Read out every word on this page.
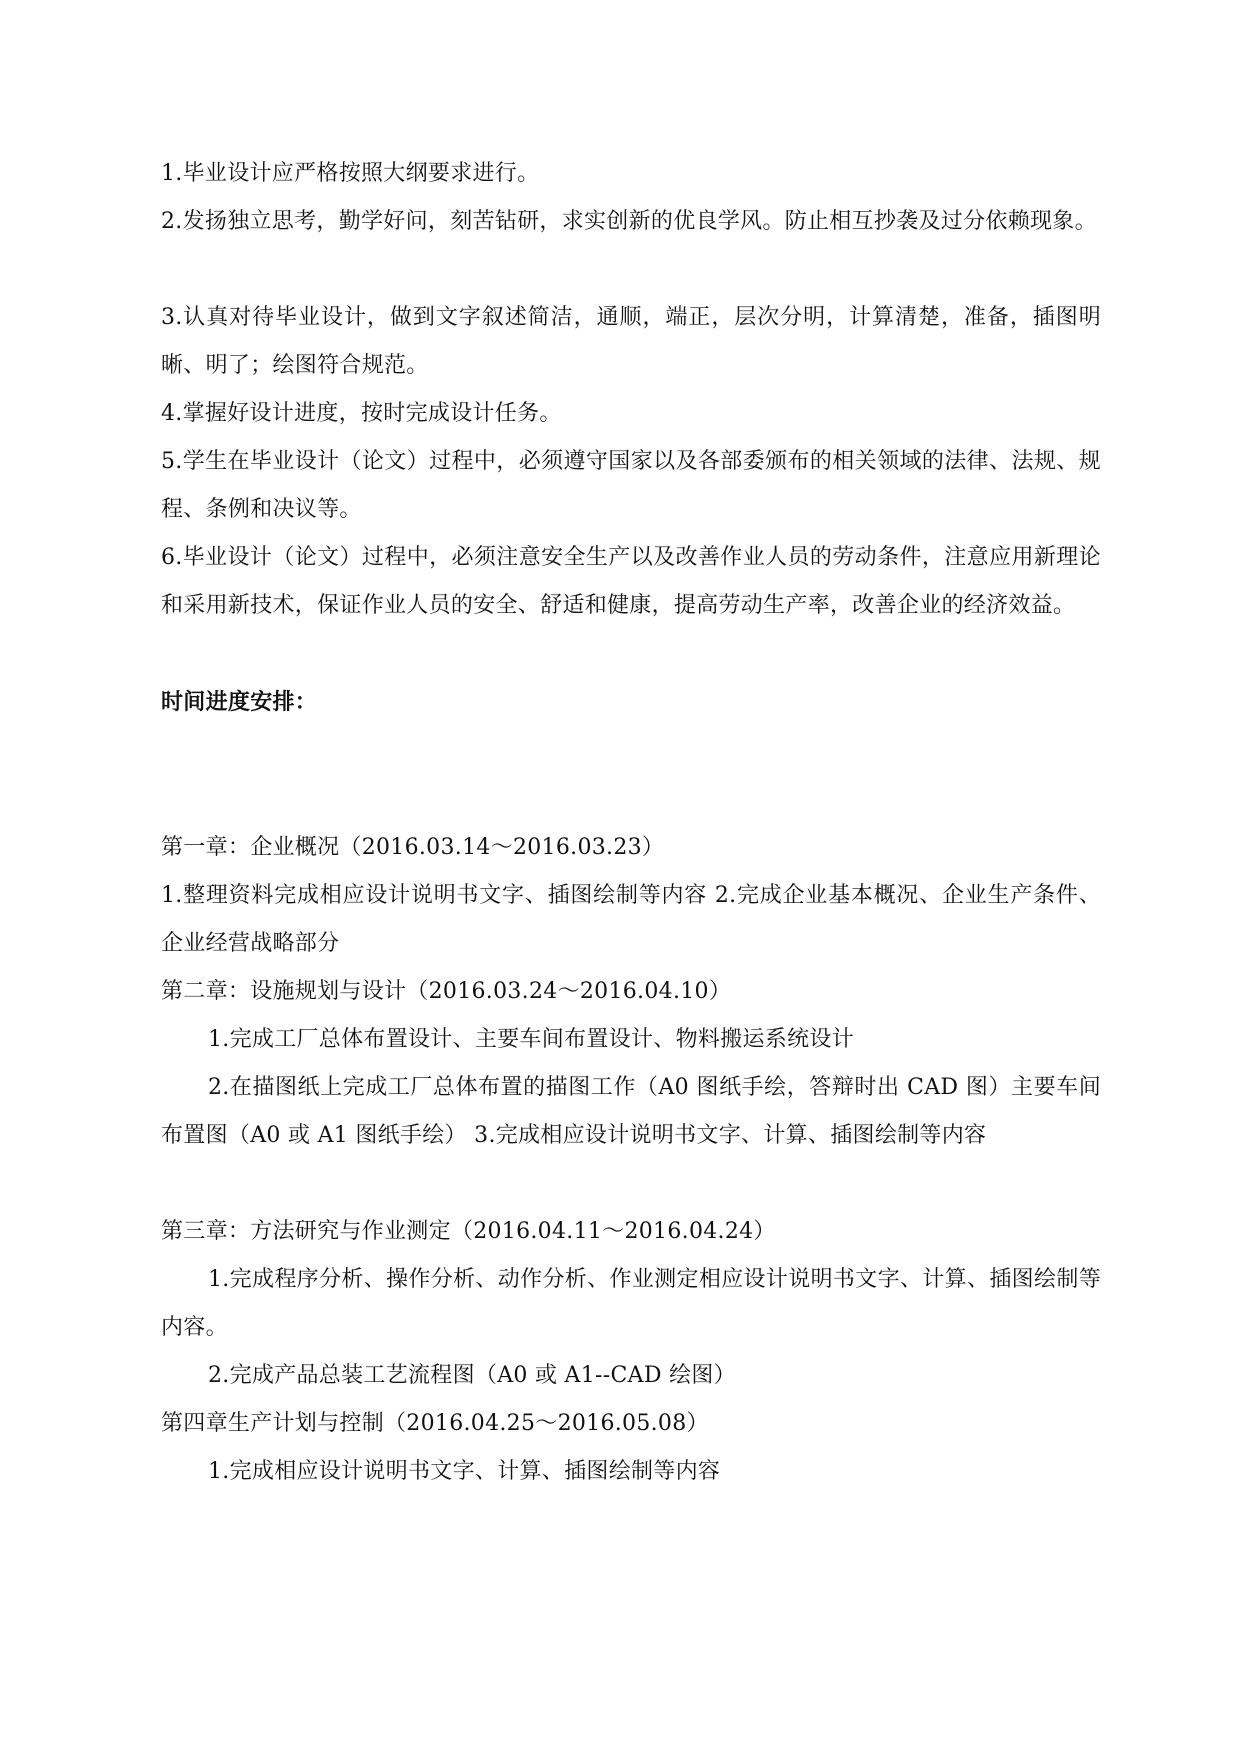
1.毕业设计应严格按照大纲要求进行。

2.发扬独立思考，勤学好问，刻苦钻研，求实创新的优良学风。防止相互抄袭及过分依赖现象。

3.认真对待毕业设计，做到文字叙述简洁，通顺，端正，层次分明，计算清楚，准备，插图明晰、明了；绘图符合规范。

4.掌握好设计进度，按时完成设计任务。

5.学生在毕业设计（论文）过程中，必须遵守国家以及各部委颁布的相关领域的法律、法规、规程、条例和决议等。

6.毕业设计（论文）过程中，必须注意安全生产以及改善作业人员的劳动条件，注意应用新理论和采用新技术，保证作业人员的安全、舒适和健康，提高劳动生产率，改善企业的经济效益。

时间进度安排：

第一章：企业概况（2016.03.14～2016.03.23）

1.整理资料完成相应设计说明书文字、插图绘制等内容 2.完成企业基本概况、企业生产条件、企业经营战略部分

第二章：设施规划与设计（2016.03.24～2016.04.10）

1.完成工厂总体布置设计、主要车间布置设计、物料搬运系统设计

2.在描图纸上完成工厂总体布置的描图工作（A0 图纸手绘，答辩时出 CAD 图）主要车间布置图（A0 或 A1 图纸手绘） 3.完成相应设计说明书文字、计算、插图绘制等内容

第三章：方法研究与作业测定（2016.04.11～2016.04.24）

1.完成程序分析、操作分析、动作分析、作业测定相应设计说明书文字、计算、插图绘制等内容。

2.完成产品总装工艺流程图（A0 或 A1--CAD 绘图）

第四章生产计划与控制（2016.04.25～2016.05.08）

1.完成相应设计说明书文字、计算、插图绘制等内容
